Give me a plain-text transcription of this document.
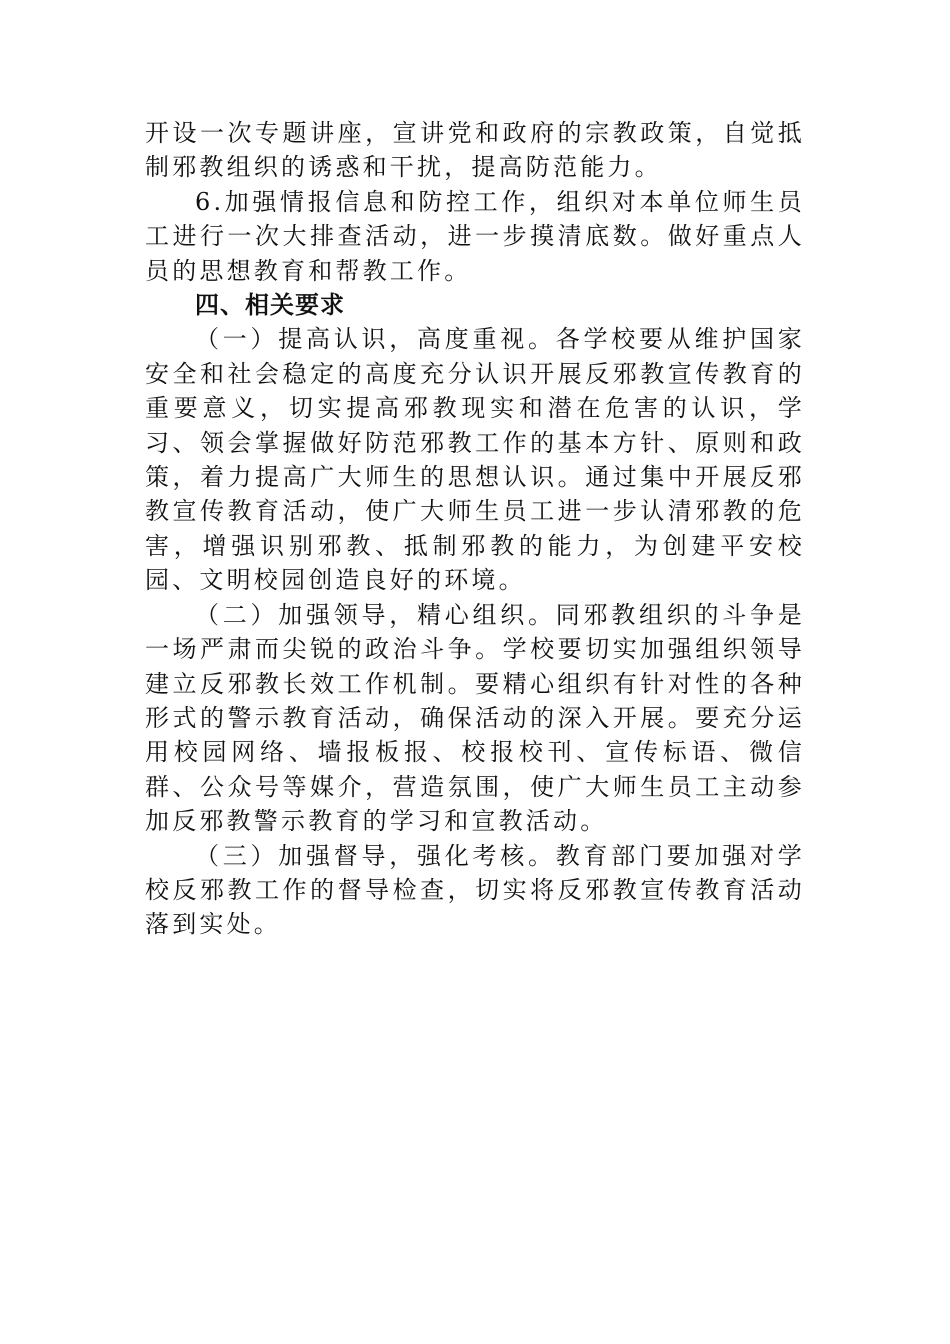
开设一次专题讲座，宣讲党和政府的宗教政策，自觉抵制邪教组织的诱惑和干扰，提高防范能力。

6.加强情报信息和防控工作，组织对本单位师生员工进行一次大排查活动，进一步摸清底数。做好重点人员的思想教育和帮教工作。

四、相关要求

（一）提高认识，高度重视。各学校要从维护国家安全和社会稳定的高度充分认识开展反邪教宣传教育的重要意义，切实提高邪教现实和潜在危害的认识，学习、领会掌握做好防范邪教工作的基本方针、原则和政策，着力提高广大师生的思想认识。通过集中开展反邪教宣传教育活动，使广大师生员工进一步认清邪教的危害，增强识别邪教、抵制邪教的能力，为创建平安校园、文明校园创造良好的环境。

（二）加强领导，精心组织。同邪教组织的斗争是一场严肃而尖锐的政治斗争。学校要切实加强组织领导建立反邪教长效工作机制。要精心组织有针对性的各种形式的警示教育活动，确保活动的深入开展。要充分运用校园网络、墙报板报、校报校刊、宣传标语、微信群、公众号等媒介，营造氛围，使广大师生员工主动参加反邪教警示教育的学习和宣教活动。

（三）加强督导，强化考核。教育部门要加强对学校反邪教工作的督导检查，切实将反邪教宣传教育活动落到实处。
